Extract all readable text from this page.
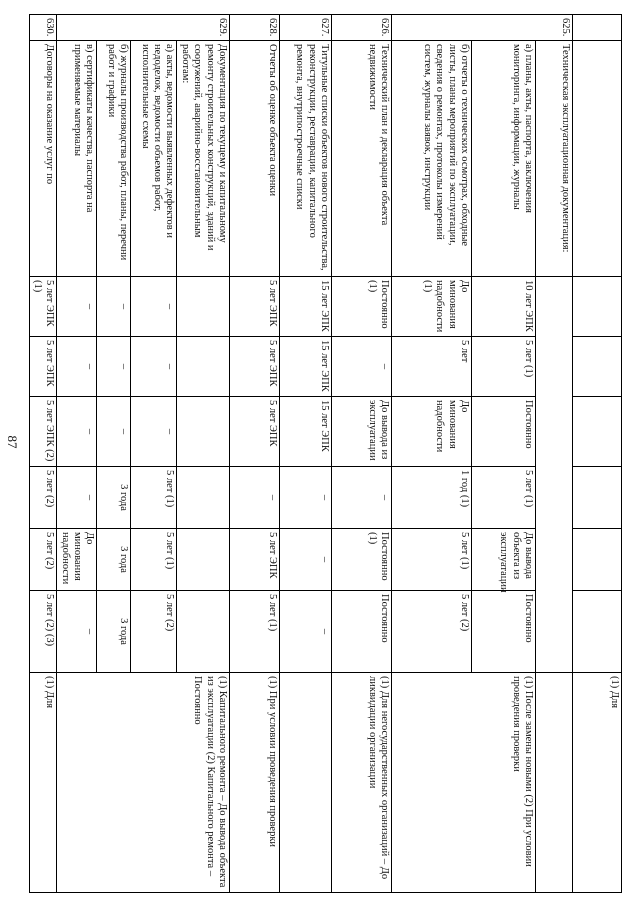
87
								(1) Для
625.	Техническая эксплуатационная документация:							
	а) планы, акты, паспорта, заключения мониторинга, информации, журналы	10 лет ЭПК	5 лет (1)	Постоянно	5 лет (1)	До вывода объекта из эксплуатации	Постоянно	(1) После замены новыми (2) При условии проведения проверки
	б) отчеты о технических осмотрах, обходные листы, планы мероприятий по эксплуатации, сведения о ремонтах, протоколы измерений систем, журналы заявок, инструкции	До минования надобности (1)	5 лет	До минования надобности	1 год (1)	5 лет (1)	5 лет (2)	
626.	Технический план и декларация объекта недвижимости	Постоянно (1)	–	До вывода из эксплуатации	–	Постоянно (1)	Постоянно	(1) Для негосударственных организаций – До ликвидации организации
627.	Титульные списки объектов нового строительства, реконструкции, реставрации, капитального ремонта, внутрипостроечные списки	15 лет ЭПК	15 лет ЭПК	15 лет ЭПК	–	–	–	
628.	Отчеты об оценке объекта оценки	5 лет ЭПК	5 лет ЭПК	5 лет ЭПК	–	5 лет ЭПК	5 лет (1)	(1) При условии проведения проверки
629.	Документация по текущему и капитальному ремонту строительных конструкций, зданий и сооружений, аварийно-восстановительным работам:							(1) Капитального ремонта – До вывода объекта из эксплуатации (2) Капитального ремонта – Постоянно
	а) акты, ведомости выявленных дефектов и недоделок, ведомости объемов работ, исполнительные схемы	–	–	–	5 лет (1)	5 лет (1)	5 лет (2)	
	б) журналы производства работ, планы, перечни работ и графики	–	–	–	3 года	3 года	3 года	
	в) сертификаты качества, паспорта на применяемые материалы	–	–	–	–	До минования надобности	–	
630.	Договоры на оказание услуг по	5 лет ЭПК (1)	5 лет ЭПК	5 лет ЭПК (2)	5 лет (2)	5 лет (2)	5 лет (2) (3)	(1) Для
